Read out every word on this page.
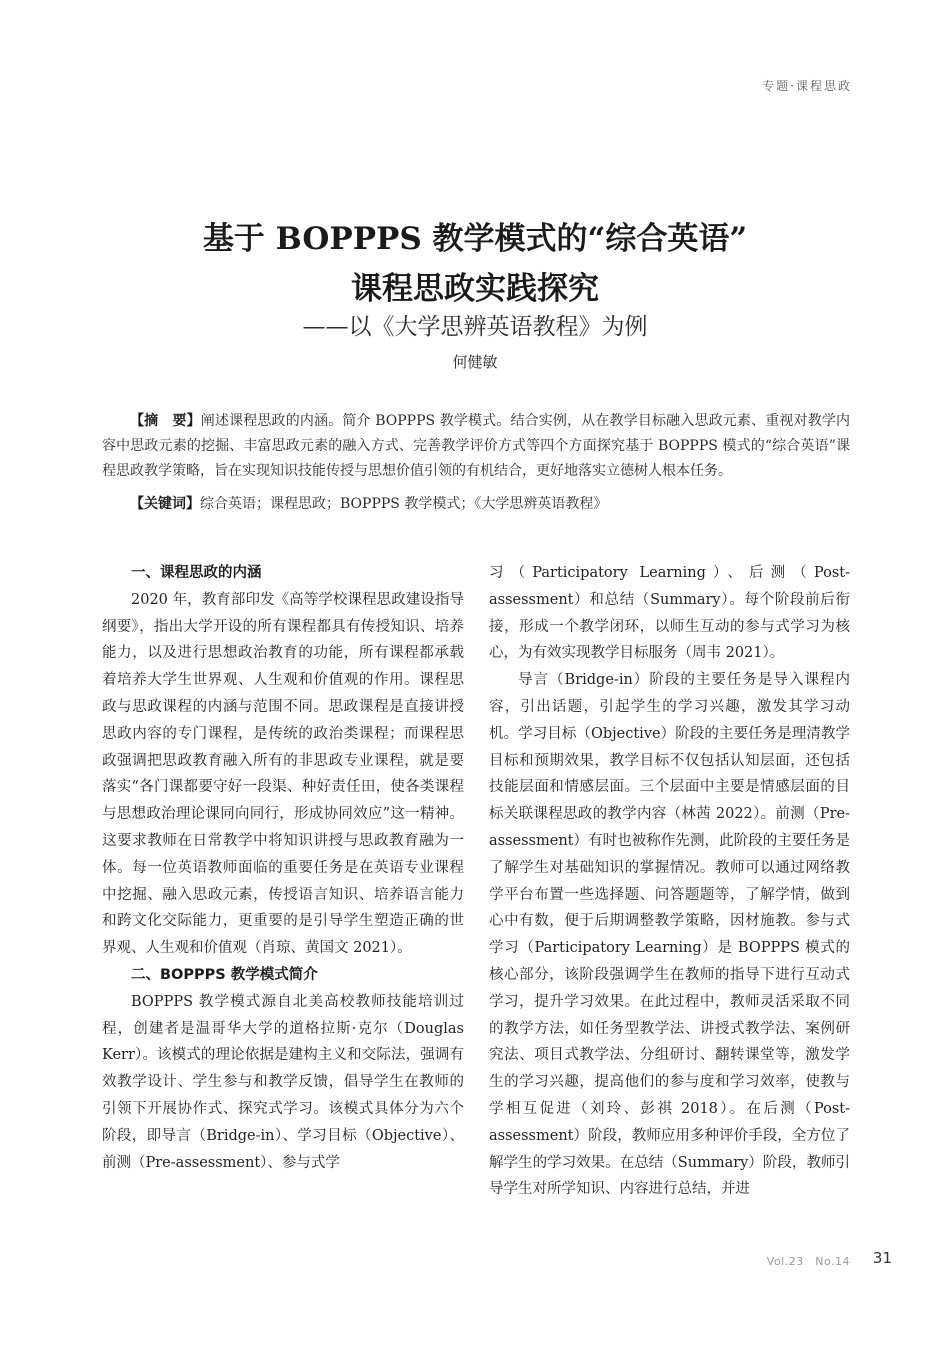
专题·课程思政
基于 BOPPPS 教学模式的“综合英语”
课程思政实践探究
——以《大学思辨英语教程》为例
何健敏

【摘　要】阐述课程思政的内涵。简介 BOPPPS 教学模式。结合实例，从在教学目标融入思政元素、重视对教学内容中思政元素的挖掘、丰富思政元素的融入方式、完善教学评价方式等四个方面探究基于 BOPPPS 模式的“综合英语”课程思政教学策略，旨在实现知识技能传授与思想价值引领的有机结合，更好地落实立德树人根本任务。

【关键词】综合英语；课程思政；BOPPPS 教学模式；《大学思辨英语教程》

一、课程思政的内涵

2020 年，教育部印发《高等学校课程思政建设指导纲要》，指出大学开设的所有课程都具有传授知识、培养能力，以及进行思想政治教育的功能，所有课程都承载着培养大学生世界观、人生观和价值观的作用。课程思政与思政课程的内涵与范围不同。思政课程是直接讲授思政内容的专门课程，是传统的政治类课程；而课程思政强调把思政教育融入所有的非思政专业课程，就是要落实“各门课都要守好一段渠、种好责任田，使各类课程与思想政治理论课同向同行，形成协同效应”这一精神。这要求教师在日常教学中将知识讲授与思政教育融为一体。每一位英语教师面临的重要任务是在英语专业课程中挖掘、融入思政元素，传授语言知识、培养语言能力和跨文化交际能力，更重要的是引导学生塑造正确的世界观、人生观和价值观（肖琼、黄国文 2021）。

二、BOPPPS 教学模式简介

BOPPPS 教学模式源自北美高校教师技能培训过程，创建者是温哥华大学的道格拉斯·克尔（Douglas Kerr）。该模式的理论依据是建构主义和交际法，强调有效教学设计、学生参与和教学反馈，倡导学生在教师的引领下开展协作式、探究式学习。该模式具体分为六个阶段，即导言（Bridge-in）、学习目标（Objective）、前测（Pre-assessment）、参与式学

习（Participatory Learning）、后测（Post-assessment）和总结（Summary）。每个阶段前后衔接，形成一个教学闭环，以师生互动的参与式学习为核心，为有效实现教学目标服务（周韦 2021）。

导言（Bridge-in）阶段的主要任务是导入课程内容，引出话题，引起学生的学习兴趣，激发其学习动机。学习目标（Objective）阶段的主要任务是理清教学目标和预期效果，教学目标不仅包括认知层面，还包括技能层面和情感层面。三个层面中主要是情感层面的目标关联课程思政的教学内容（林茜 2022）。前测（Pre-assessment）有时也被称作先测，此阶段的主要任务是了解学生对基础知识的掌握情况。教师可以通过网络教学平台布置一些选择题、问答题题等，了解学情，做到心中有数，便于后期调整教学策略，因材施教。参与式学习（Participatory Learning）是 BOPPPS 模式的核心部分，该阶段强调学生在教师的指导下进行互动式学习，提升学习效果。在此过程中，教师灵活采取不同的教学方法，如任务型教学法、讲授式教学法、案例研究法、项目式教学法、分组研讨、翻转课堂等，激发学生的学习兴趣，提高他们的参与度和学习效率，使教与学相互促进（刘玲、彭祺 2018）。在后测（Post-assessment）阶段，教师应用多种评价手段，全方位了解学生的学习效果。在总结（Summary）阶段，教师引导学生对所学知识、内容进行总结，并进

Vol.23　No.14 31
